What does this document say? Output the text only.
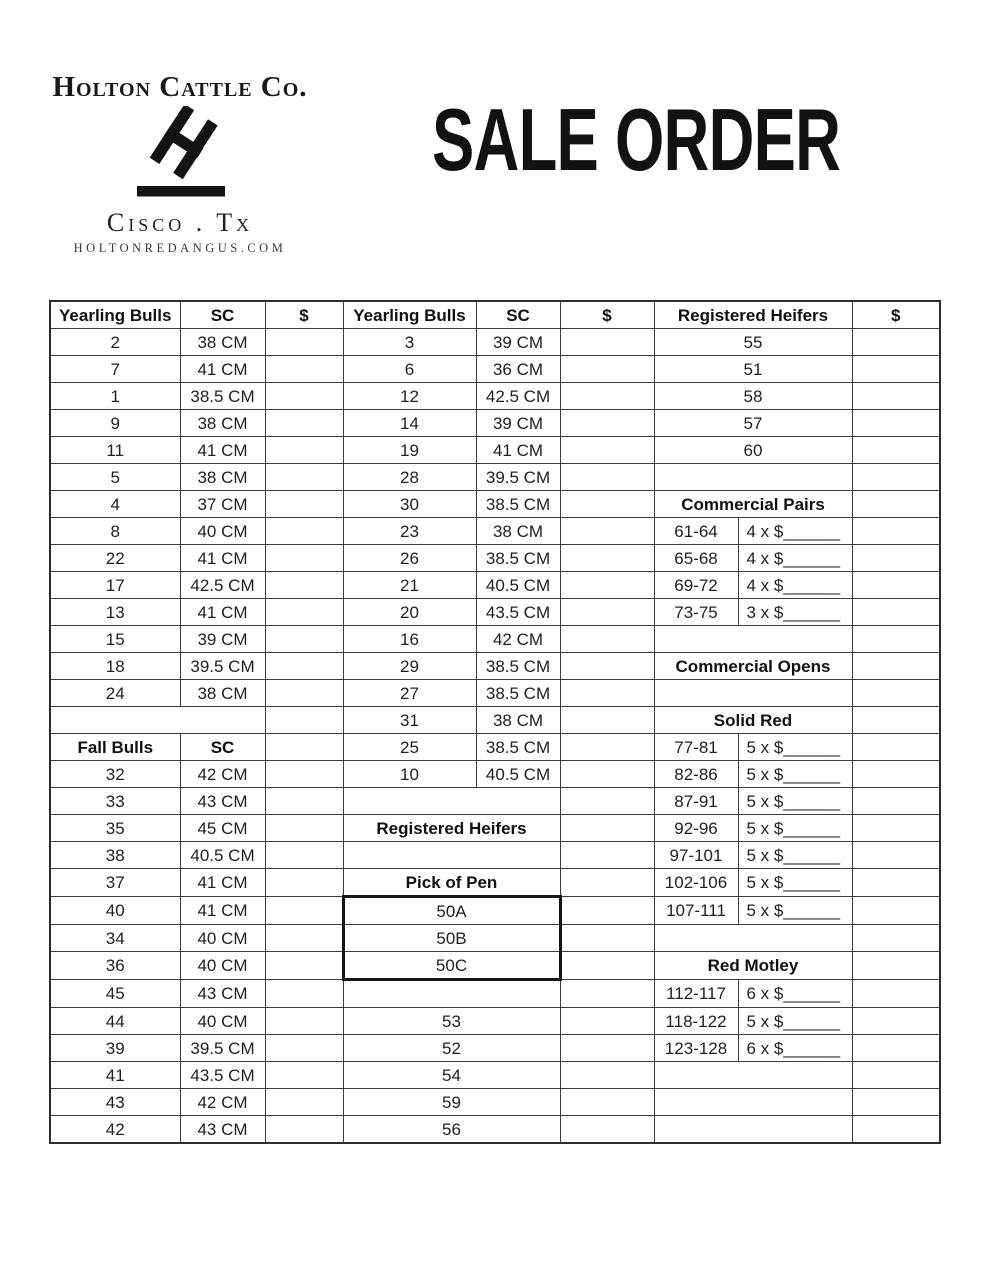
Holton Cattle Co.
Cisco . Tx
HOLTONREDANGUS.COM
SALE ORDER
Yearling Bulls	SC	$	Yearling Bulls	SC	$	Registered Heifers		$
2	38 CM		3	39 CM		55		
7	41 CM		6	36 CM		51		
1	38.5 CM		12	42.5 CM		58		
9	38 CM		14	39 CM		57		
11	41 CM		19	41 CM		60		
5	38 CM		28	39.5 CM				
4	37 CM		30	38.5 CM		Commercial Pairs		
8	40 CM		23	38 CM		61-64	4 x $______	
22	41 CM		26	38.5 CM		65-68	4 x $______	
17	42.5 CM		21	40.5 CM		69-72	4 x $______	
13	41 CM		20	43.5 CM		73-75	3 x $______	
15	39 CM		16	42 CM				
18	39.5 CM		29	38.5 CM		Commercial Opens		
24	38 CM		27	38.5 CM				
			31	38 CM		Solid Red		
Fall Bulls	SC		25	38.5 CM		77-81	5 x $______	
32	42 CM		10	40.5 CM		82-86	5 x $______	
33	43 CM					87-91	5 x $______	
35	45 CM		Registered Heifers			92-96	5 x $______	
38	40.5 CM					97-101	5 x $______	
37	41 CM		Pick of Pen			102-106	5 x $______	
40	41 CM		50A			107-111	5 x $______	
34	40 CM		50B					
36	40 CM		50C			Red Motley		
45	43 CM					112-117	6 x $______	
44	40 CM		53			118-122	5 x $______	
39	39.5 CM		52			123-128	6 x $______	
41	43.5 CM		54					
43	42 CM		59					
42	43 CM		56					
